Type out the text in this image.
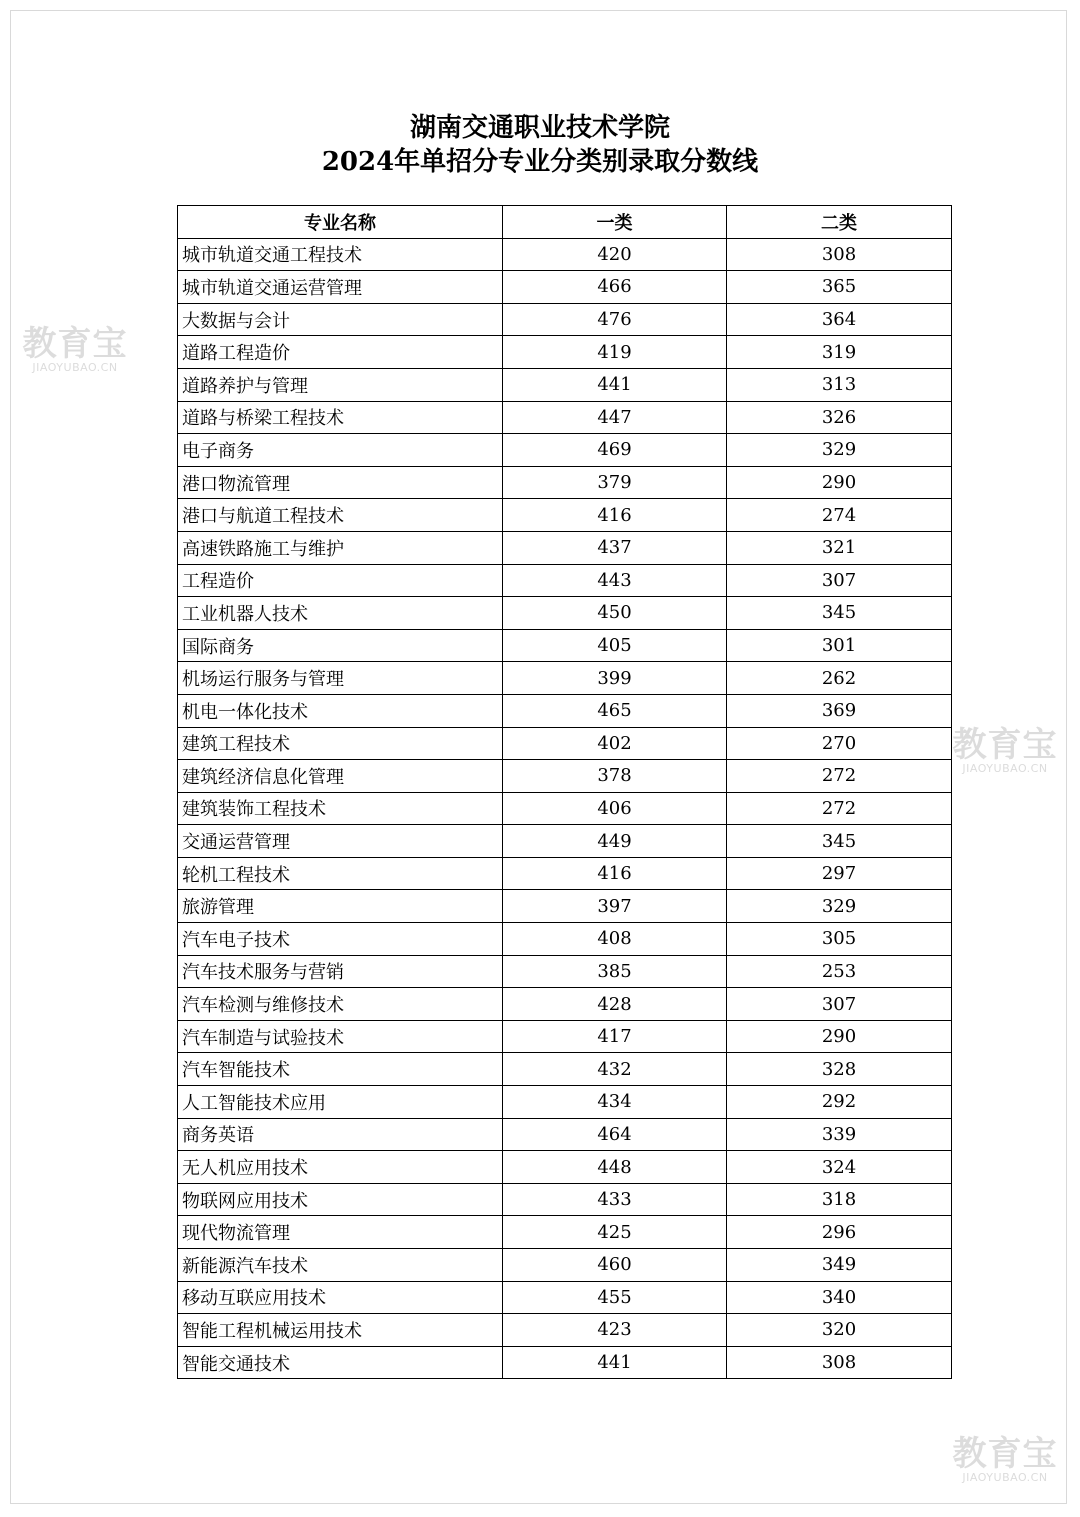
湖南交通职业技术学院
2024年单招分专业分类别录取分数线
专业名称	一类	二类
城市轨道交通工程技术	420	308
城市轨道交通运营管理	466	365
大数据与会计	476	364
道路工程造价	419	319
道路养护与管理	441	313
道路与桥梁工程技术	447	326
电子商务	469	329
港口物流管理	379	290
港口与航道工程技术	416	274
高速铁路施工与维护	437	321
工程造价	443	307
工业机器人技术	450	345
国际商务	405	301
机场运行服务与管理	399	262
机电一体化技术	465	369
建筑工程技术	402	270
建筑经济信息化管理	378	272
建筑装饰工程技术	406	272
交通运营管理	449	345
轮机工程技术	416	297
旅游管理	397	329
汽车电子技术	408	305
汽车技术服务与营销	385	253
汽车检测与维修技术	428	307
汽车制造与试验技术	417	290
汽车智能技术	432	328
人工智能技术应用	434	292
商务英语	464	339
无人机应用技术	448	324
物联网应用技术	433	318
现代物流管理	425	296
新能源汽车技术	460	349
移动互联应用技术	455	340
智能工程机械运用技术	423	320
智能交通技术	441	308
教育宝
JIAOYUBAO.CN
教育宝
JIAOYUBAO.CN
教育宝
JIAOYUBAO.CN
